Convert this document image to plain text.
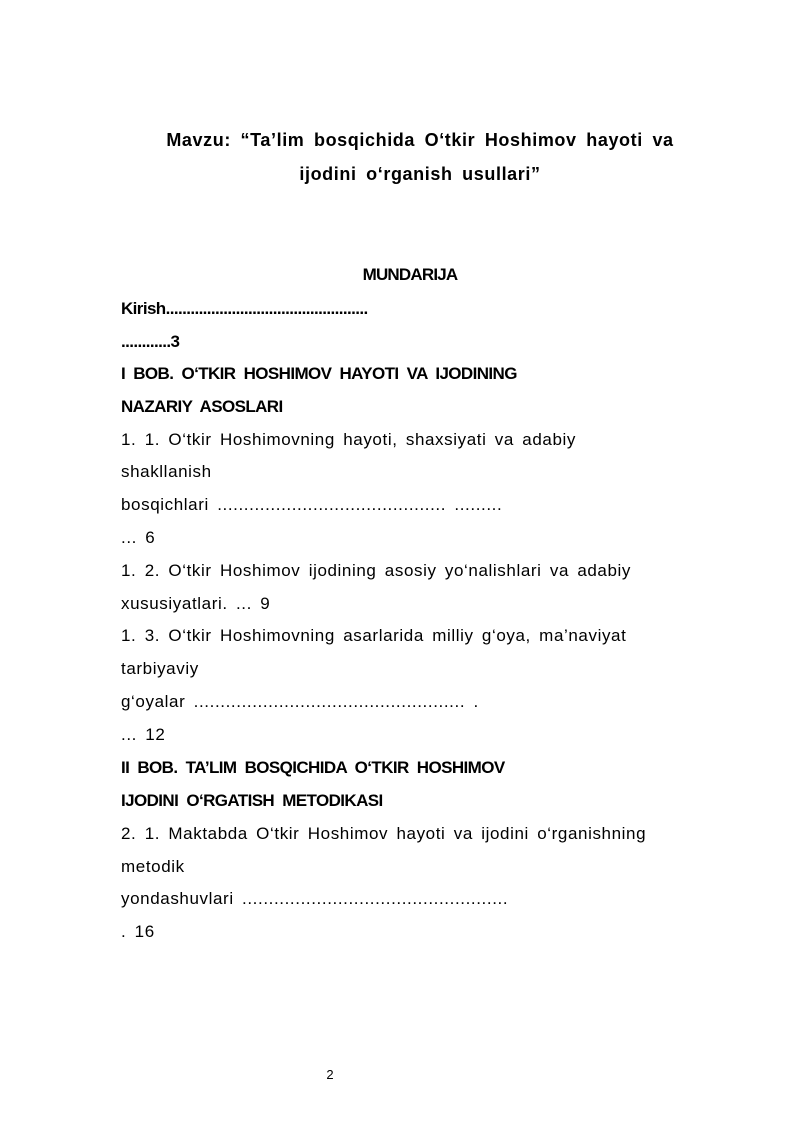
Mavzu: “Ta’lim bosqichida O‘tkir Hoshimov hayoti va
ijodini o‘rganish usullari”
MUNDARIJA
Kirish.................................................
............3
I BOB. O‘TKIR HOSHIMOV HAYOTI VA IJODINING
NAZARIY ASOSLARI
1. 1. O‘tkir Hoshimovning hayoti, shaxsiyati va adabiy
shakllanish
bosqichlari ........................................... .........
... 6
1. 2. O‘tkir Hoshimov ijodining asosiy yo‘nalishlari va adabiy
xususiyatlari. ... 9
1. 3. O‘tkir Hoshimovning asarlarida milliy g‘oya, ma’naviyat
tarbiyaviy
g‘oyalar ................................................... .
... 12
II BOB. TA’LIM BOSQICHIDA O‘TKIR HOSHIMOV
IJODINI O‘RGATISH METODIKASI
2. 1. Maktabda O‘tkir Hoshimov hayoti va ijodini o‘rganishning
metodik
yondashuvlari ..................................................
. 16
2
